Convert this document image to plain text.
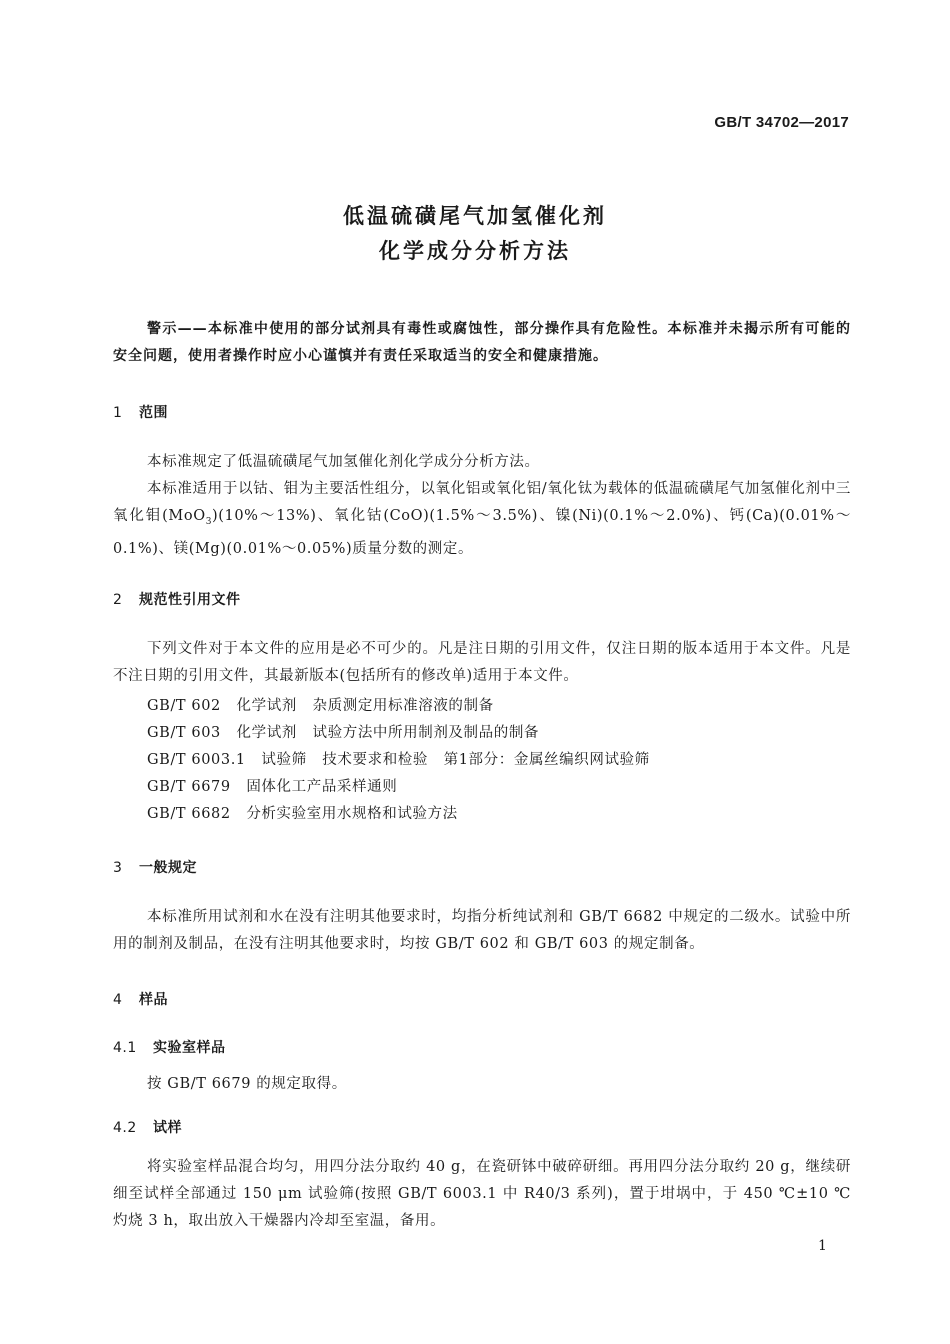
GB/T 34702—2017
低温硫磺尾气加氢催化剂
化学成分分析方法
警示——本标准中使用的部分试剂具有毒性或腐蚀性，部分操作具有危险性。本标准并未揭示所有可能的安全问题，使用者操作时应小心谨慎并有责任采取适当的安全和健康措施。
1 范围
本标准规定了低温硫磺尾气加氢催化剂化学成分分析方法。
本标准适用于以钴、钼为主要活性组分，以氧化铝或氧化铝/氧化钛为载体的低温硫磺尾气加氢催化剂中三氧化钼(MoO$_3$)(10%～13%)、氧化钴(CoO)(1.5%～3.5%)、镍(Ni)(0.1%～2.0%)、钙(Ca)(0.01%～0.1%)、镁(Mg)(0.01%～0.05%)质量分数的测定。
2 规范性引用文件
下列文件对于本文件的应用是必不可少的。凡是注日期的引用文件，仅注日期的版本适用于本文件。凡是不注日期的引用文件，其最新版本(包括所有的修改单)适用于本文件。
GB/T 602   化学试剂   杂质测定用标准溶液的制备
GB/T 603   化学试剂   试验方法中所用制剂及制品的制备
GB/T 6003.1   试验筛   技术要求和检验   第1部分：金属丝编织网试验筛
GB/T 6679   固体化工产品采样通则
GB/T 6682   分析实验室用水规格和试验方法
3 一般规定
本标准所用试剂和水在没有注明其他要求时，均指分析纯试剂和 GB/T 6682 中规定的二级水。试验中所用的制剂及制品，在没有注明其他要求时，均按 GB/T 602 和 GB/T 603 的规定制备。
4 样品
4.1 实验室样品
按 GB/T 6679 的规定取得。
4.2 试样
将实验室样品混合均匀，用四分法分取约 40 g，在瓷研钵中破碎研细。再用四分法分取约 20 g，继续研细至试样全部通过 150 μm 试验筛(按照 GB/T 6003.1 中 R40/3 系列)，置于坩埚中，于 450 ℃±10 ℃ 灼烧 3 h，取出放入干燥器内冷却至室温，备用。
1
